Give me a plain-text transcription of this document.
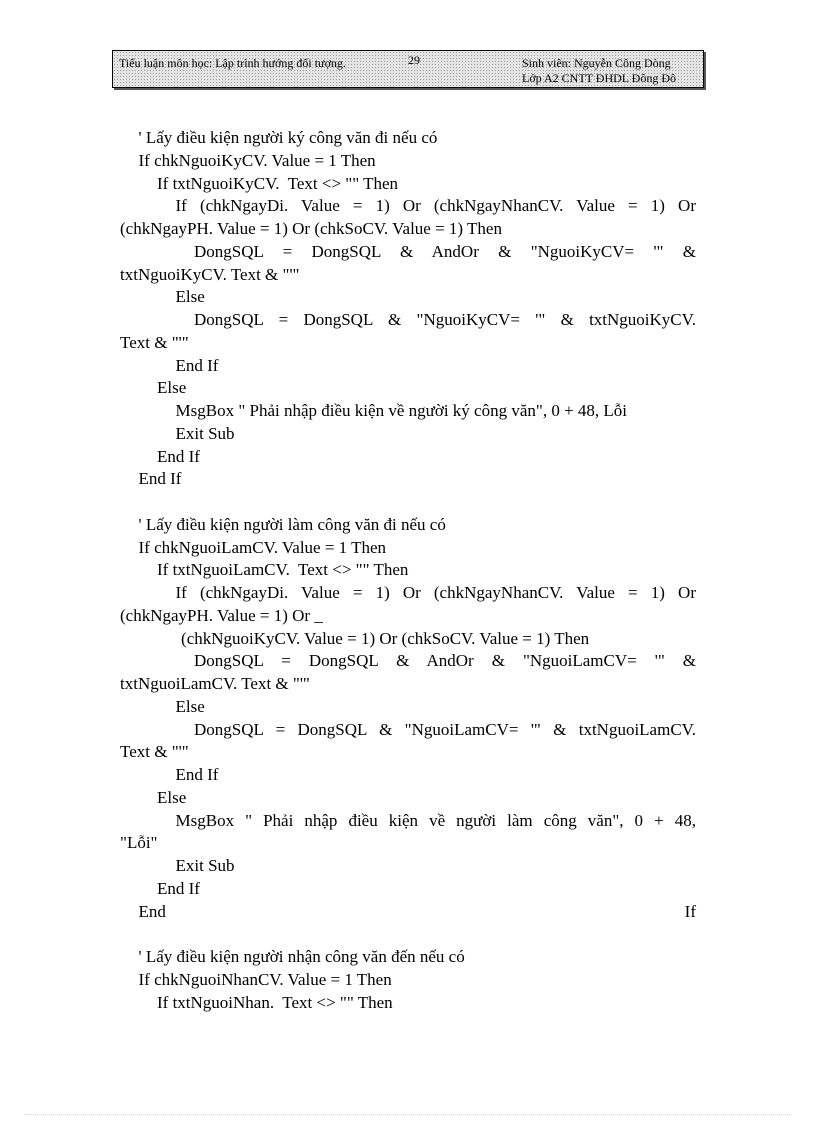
Tiểu luận môn học: Lập trình hướng đối tượng.	29	Sinh viên: Nguyễn Công Dòng
Lớp A2 CNTT ĐHDL Đông Đô
' Lấy điều kiện người ký công văn đi nếu có
If chkNguoiKyCV. Value = 1 Then
If txtNguoiKyCV.  Text <> "" Then
If (chkNgayDi. Value = 1) Or (chkNgayNhanCV. Value = 1) Or
(chkNgayPH. Value = 1) Or (chkSoCV. Value = 1) Then
DongSQL = DongSQL & AndOr & "NguoiKyCV= '" &
txtNguoiKyCV. Text & "'"
Else
DongSQL = DongSQL & "NguoiKyCV= '" & txtNguoiKyCV.
Text & "'"
End If
Else
MsgBox " Phải nhập điều kiện về người ký công văn", 0 + 48, Lỗi
Exit Sub
End If
End If
' Lấy điều kiện người làm công văn đi nếu có
If chkNguoiLamCV. Value = 1 Then
If txtNguoiLamCV.  Text <> "" Then
If (chkNgayDi. Value = 1) Or (chkNgayNhanCV. Value = 1) Or
(chkNgayPH. Value = 1) Or _
(chkNguoiKyCV. Value = 1) Or (chkSoCV. Value = 1) Then
DongSQL = DongSQL & AndOr & "NguoiLamCV= '" &
txtNguoiLamCV. Text & "'"
Else
DongSQL = DongSQL & "NguoiLamCV= '" & txtNguoiLamCV.
Text & "'"
End If
Else
MsgBox " Phải nhập điều kiện về người làm công văn", 0 + 48,
"Lỗi"
Exit Sub
End If
End If
' Lấy điều kiện người nhận công văn đến nếu có
If chkNguoiNhanCV. Value = 1 Then
If txtNguoiNhan.  Text <> "" Then
